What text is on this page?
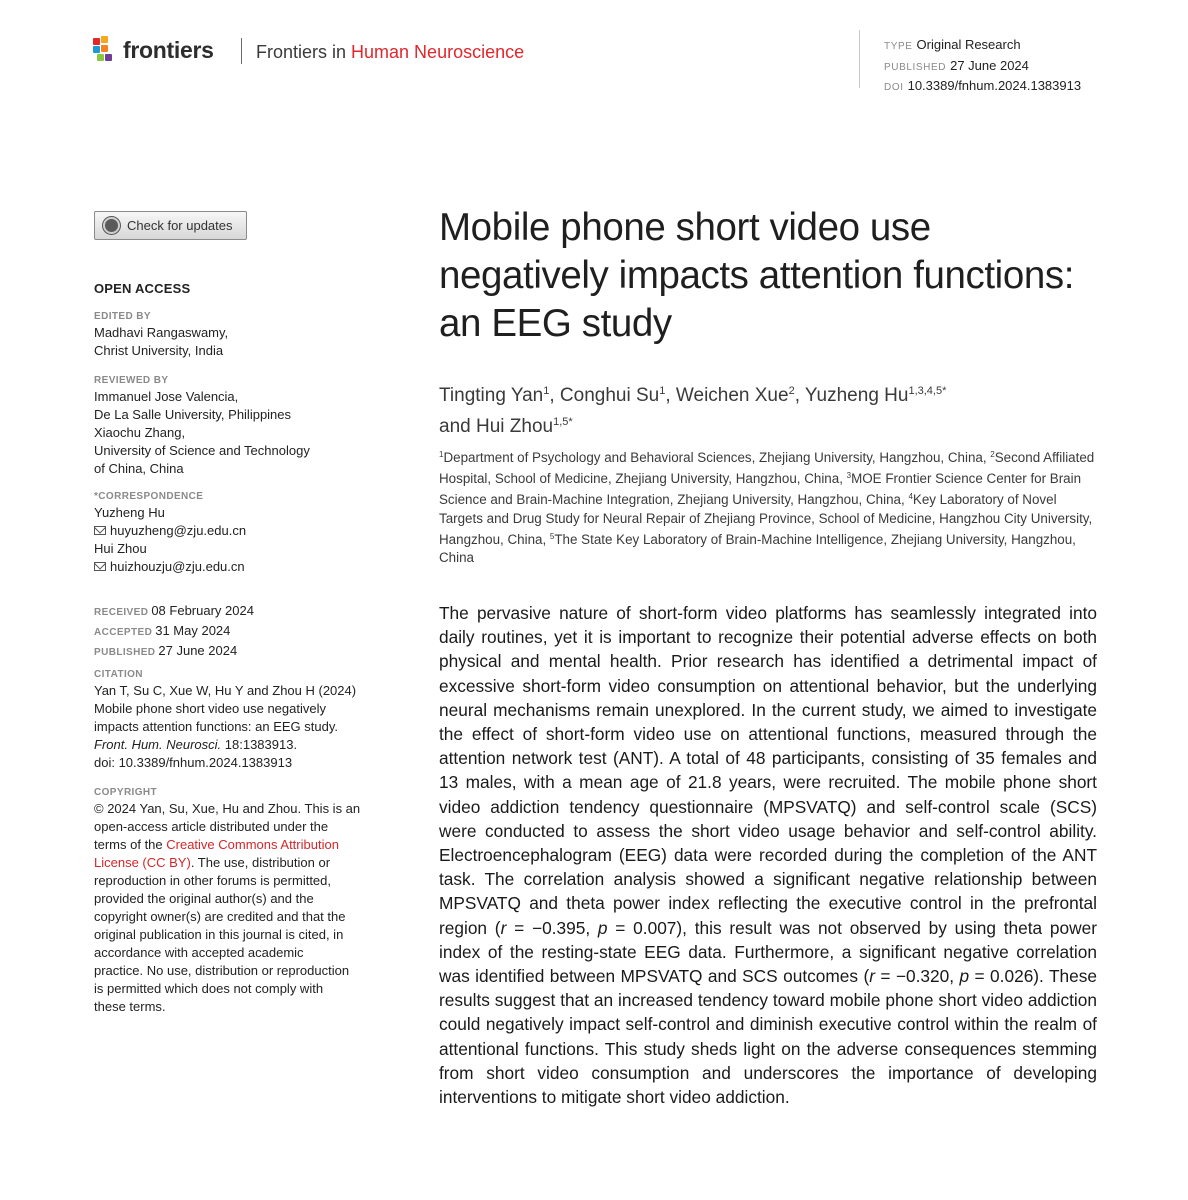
frontiers Frontiers in Human Neuroscience	TYPE Original Research
PUBLISHED 27 June 2024
DOI 10.3389/fnhum.2024.1383913
Check for updates
OPEN ACCESS
EDITED BY
Madhavi Rangaswamy,
Christ University, India
REVIEWED BY
Immanuel Jose Valencia,
De La Salle University, Philippines
Xiaochu Zhang,
University of Science and Technology
of China, China
*CORRESPONDENCE
Yuzheng Hu
huyuzheng@zju.edu.cn
Hui Zhou
huizhouzju@zju.edu.cn
RECEIVED 08 February 2024
ACCEPTED 31 May 2024
PUBLISHED 27 June 2024
CITATION
Yan T, Su C, Xue W, Hu Y and Zhou H (2024)
Mobile phone short video use negatively
impacts attention functions: an EEG study.
Front. Hum. Neurosci. 18:1383913.
doi: 10.3389/fnhum.2024.1383913
COPYRIGHT
© 2024 Yan, Su, Xue, Hu and Zhou. This is an
open-access article distributed under the
terms of the Creative Commons Attribution
License (CC BY). The use, distribution or
reproduction in other forums is permitted,
provided the original author(s) and the
copyright owner(s) are credited and that the
original publication in this journal is cited, in
accordance with accepted academic
practice. No use, distribution or reproduction
is permitted which does not comply with
these terms.
Mobile phone short video use negatively impacts attention functions: an EEG study
Tingting Yan$^1$, Conghui Su$^1$, Weichen Xue$^2$, Yuzheng $Hu^{1,3,4,5*}$
and Hui Zhou$^{1,5*}$
$^1$Department of Psychology and Behavioral Sciences, Zhejiang University, Hangzhou, China, $^2$Second Affiliated Hospital, School of Medicine, Zhejiang University, Hangzhou, China, $^3$MOE Frontier Science Center for Brain Science and Brain-Machine Integration, Zhejiang University, Hangzhou, China, $^4$Key Laboratory of Novel Targets and Drug Study for Neural Repair of Zhejiang Province, School of Medicine, Hangzhou City University, Hangzhou, China, $^5$The State Key Laboratory of Brain-Machine Intelligence, Zhejiang University, Hangzhou, China
The pervasive nature of short-form video platforms has seamlessly integrated into daily routines, yet it is important to recognize their potential adverse effects on both physical and mental health. Prior research has identified a detrimental impact of excessive short-form video consumption on attentional behavior, but the underlying neural mechanisms remain unexplored. In the current study, we aimed to investigate the effect of short-form video use on attentional functions, measured through the attention network test (ANT). A total of 48 participants, consisting of 35 females and 13 males, with a mean age of 21.8 years, were recruited. The mobile phone short video addiction tendency questionnaire (MPSVATQ) and self-control scale (SCS) were conducted to assess the short video usage behavior and self-control ability. Electroencephalogram (EEG) data were recorded during the completion of the ANT task. The correlation analysis showed a significant negative relationship between MPSVATQ and theta power index reflecting the executive control in the prefrontal region (r = −0.395, p = 0.007), this result was not observed by using theta power index of the resting-state EEG data. Furthermore, a significant negative correlation was identified between MPSVATQ and SCS outcomes (r = −0.320, p = 0.026). These results suggest that an increased tendency toward mobile phone short video addiction could negatively impact self-control and diminish executive control within the realm of attentional functions. This study sheds light on the adverse consequences stemming from short video consumption and underscores the importance of developing interventions to mitigate short video addiction.
